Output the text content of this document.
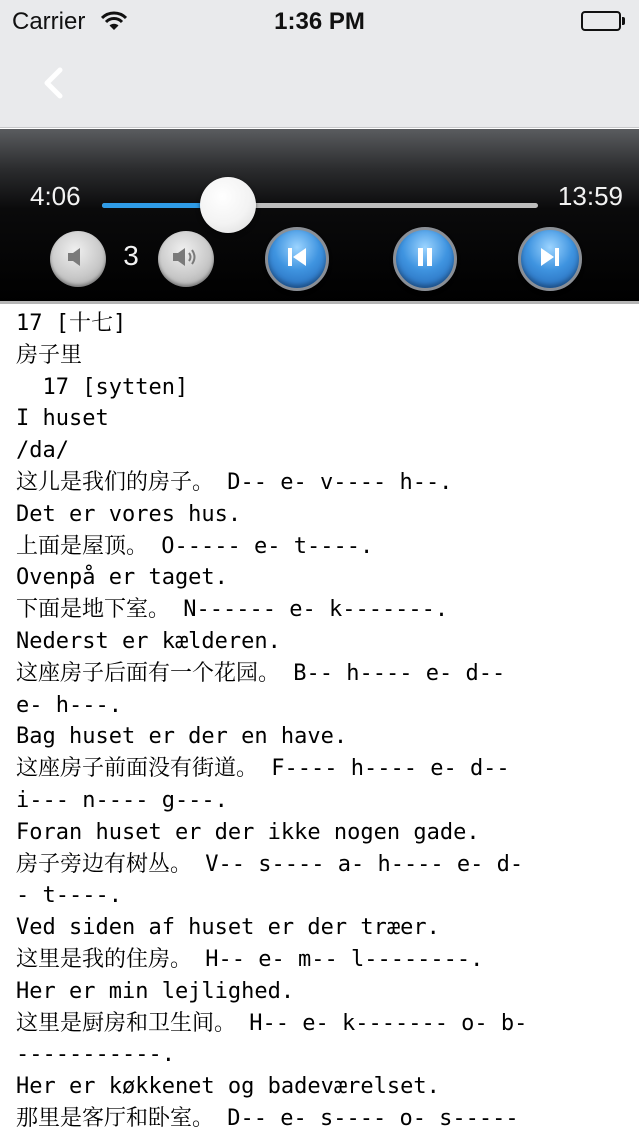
Carrier	1:36 PM
4:06	13:59
3
17 [十七]
房子里
17 [sytten]
I huset
/da/
这儿是我们的房子。 D-- e- v---- h--.
Det er vores hus.
上面是屋顶。 O----- e- t----.
Ovenpå er taget.
下面是地下室。 N------ e- k-------.
Nederst er kælderen.
这座房子后面有一个花园。 B-- h---- e- d--
e- h---.
Bag huset er der en have.
这座房子前面没有街道。 F---- h---- e- d--
i--- n---- g---.
Foran huset er der ikke nogen gade.
房子旁边有树丛。 V-- s---- a- h---- e- d-
- t----.
Ved siden af huset er der træer.
这里是我的住房。 H-- e- m-- l--------.
Her er min lejlighed.
这里是厨房和卫生间。 H-- e- k------- o- b-
-----------.
Her er køkkenet og badeværelset.
那里是客厅和卧室。 D-- e- s---- o- s-----
